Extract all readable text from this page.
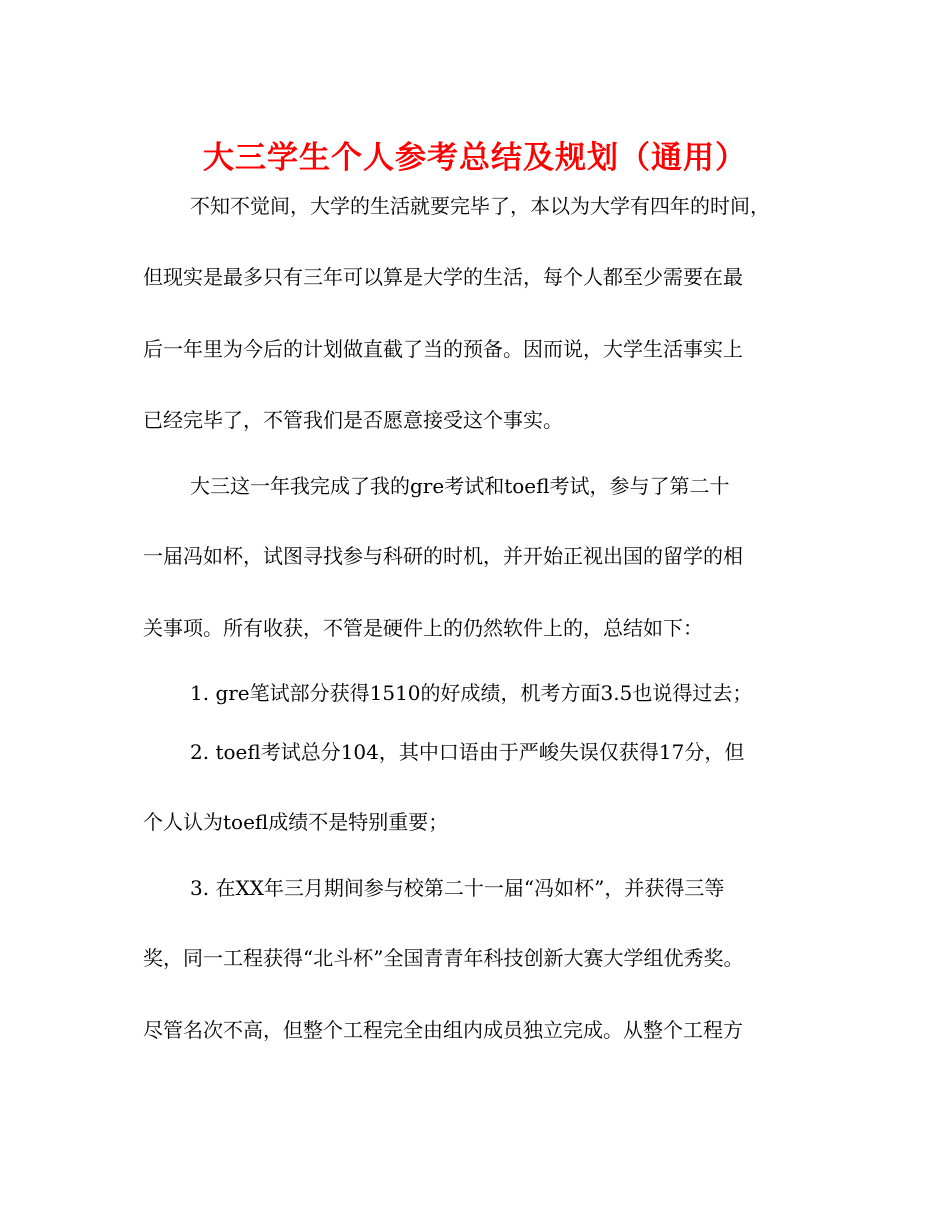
大三学生个人参考总结及规划（通用）
不知不觉间，大学的生活就要完毕了，本以为大学有四年的时间，
但现实是最多只有三年可以算是大学的生活，每个人都至少需要在最
后一年里为今后的计划做直截了当的预备。因而说，大学生活事实上
已经完毕了，不管我们是否愿意接受这个事实。
大三这一年我完成了我的gre考试和toefl考试，参与了第二十
一届冯如杯，试图寻找参与科研的时机，并开始正视出国的留学的相
关事项。所有收获，不管是硬件上的仍然软件上的，总结如下：
1. gre笔试部分获得1510的好成绩，机考方面3.5也说得过去；
2. toefl考试总分104，其中口语由于严峻失误仅获得17分，但
个人认为toefl成绩不是特别重要；
3. 在XX年三月期间参与校第二十一届“冯如杯”，并获得三等
奖，同一工程获得“北斗杯”全国青青年科技创新大赛大学组优秀奖。
尽管名次不高，但整个工程完全由组内成员独立完成。从整个工程方
